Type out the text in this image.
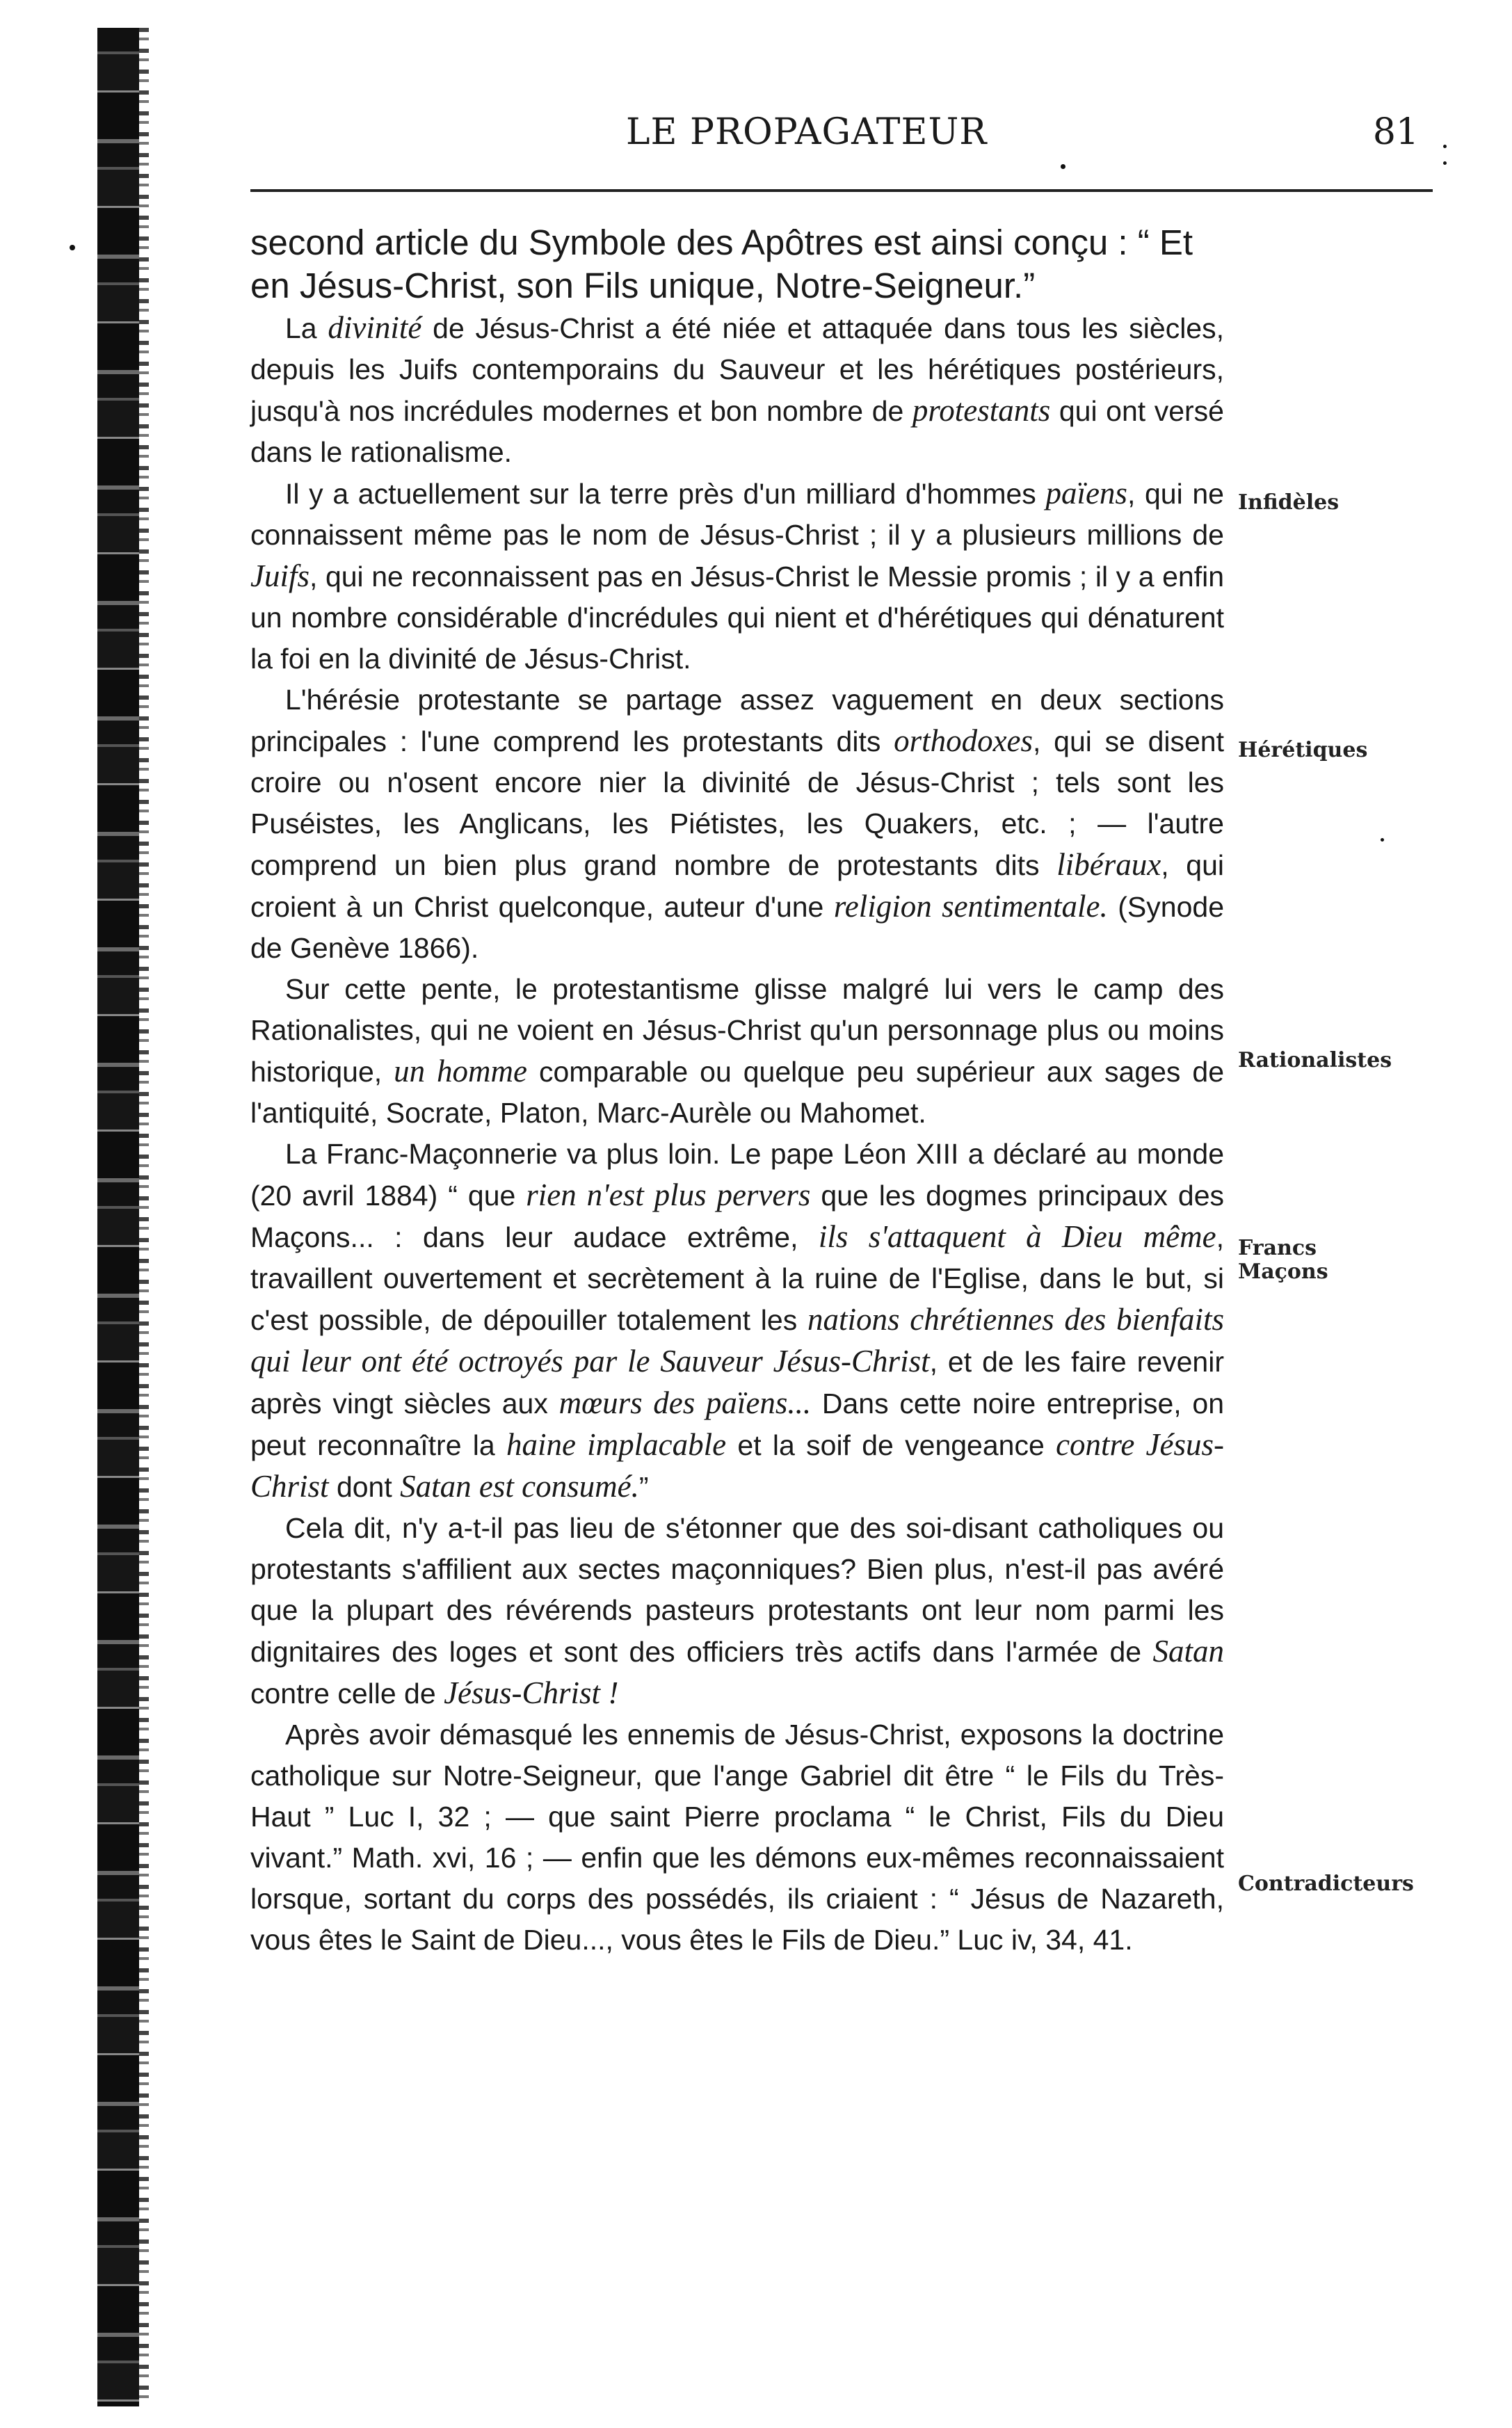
LE PROPAGATEUR	81

second article du Symbole des Apôtres est ainsi conçu : “ Et en Jésus-Christ, son Fils unique, Notre-Seigneur.”

La divinité de Jésus-Christ a été niée et attaquée dans tous les siècles, depuis les Juifs contemporains du Sauveur et les hérétiques postérieurs, jusqu'à nos incrédules modernes et bon nombre de protestants qui ont versé dans le rationalisme.

Il y a actuellement sur la terre près d'un milliard d'hommes païens, qui ne connaissent même pas le nom de Jésus-Christ ; il y a plusieurs millions de Juifs, qui ne reconnaissent pas en Jésus-Christ le Messie promis ; il y a enfin un nombre considérable d'incrédules qui nient et d'hérétiques qui dénaturent la foi en la divinité de Jésus-Christ.

L'hérésie protestante se partage assez vaguement en deux sections principales : l'une comprend les protestants dits orthodoxes, qui se disent croire ou n'osent encore nier la divinité de Jésus-Christ ; tels sont les Puséistes, les Anglicans, les Piétistes, les Quakers, etc. ; — l'autre comprend un bien plus grand nombre de protestants dits libéraux, qui croient à un Christ quelconque, auteur d'une religion sentimentale. (Synode de Genève 1866).

Sur cette pente, le protestantisme glisse malgré lui vers le camp des Rationalistes, qui ne voient en Jésus-Christ qu'un personnage plus ou moins historique, un homme comparable ou quelque peu supérieur aux sages de l'antiquité, Socrate, Platon, Marc-Aurèle ou Mahomet.

La Franc-Maçonnerie va plus loin. Le pape Léon XIII a déclaré au monde (20 avril 1884) “ que rien n'est plus pervers que les dogmes principaux des Maçons... : dans leur audace extrême, ils s'attaquent à Dieu même, travaillent ouvertement et secrètement à la ruine de l'Eglise, dans le but, si c'est possible, de dépouiller totalement les nations chrétiennes des bienfaits qui leur ont été octroyés par le Sauveur Jésus-Christ, et de les faire revenir après vingt siècles aux mœurs des païens... Dans cette noire entreprise, on peut reconnaître la haine implacable et la soif de vengeance contre Jésus-Christ dont Satan est consumé.”

Cela dit, n'y a-t-il pas lieu de s'étonner que des soi-disant catholiques ou protestants s'affilient aux sectes maçonniques? Bien plus, n'est-il pas avéré que la plupart des révérends pasteurs protestants ont leur nom parmi les dignitaires des loges et sont des officiers très actifs dans l'armée de Satan contre celle de Jésus-Christ !

Après avoir démasqué les ennemis de Jésus-Christ, exposons la doctrine catholique sur Notre-Seigneur, que l'ange Gabriel dit être “ le Fils du Très-Haut ” Luc I, 32 ; — que saint Pierre proclama “ le Christ, Fils du Dieu vivant.” Math. xvi, 16 ; — enfin que les démons eux-mêmes reconnaissaient lorsque, sortant du corps des possédés, ils criaient : “ Jésus de Nazareth, vous êtes le Saint de Dieu..., vous êtes le Fils de Dieu.” Luc iv, 34, 41.

Infidèles
Hérétiques
Rationalistes
Francs
Maçons
Contradicteurs
